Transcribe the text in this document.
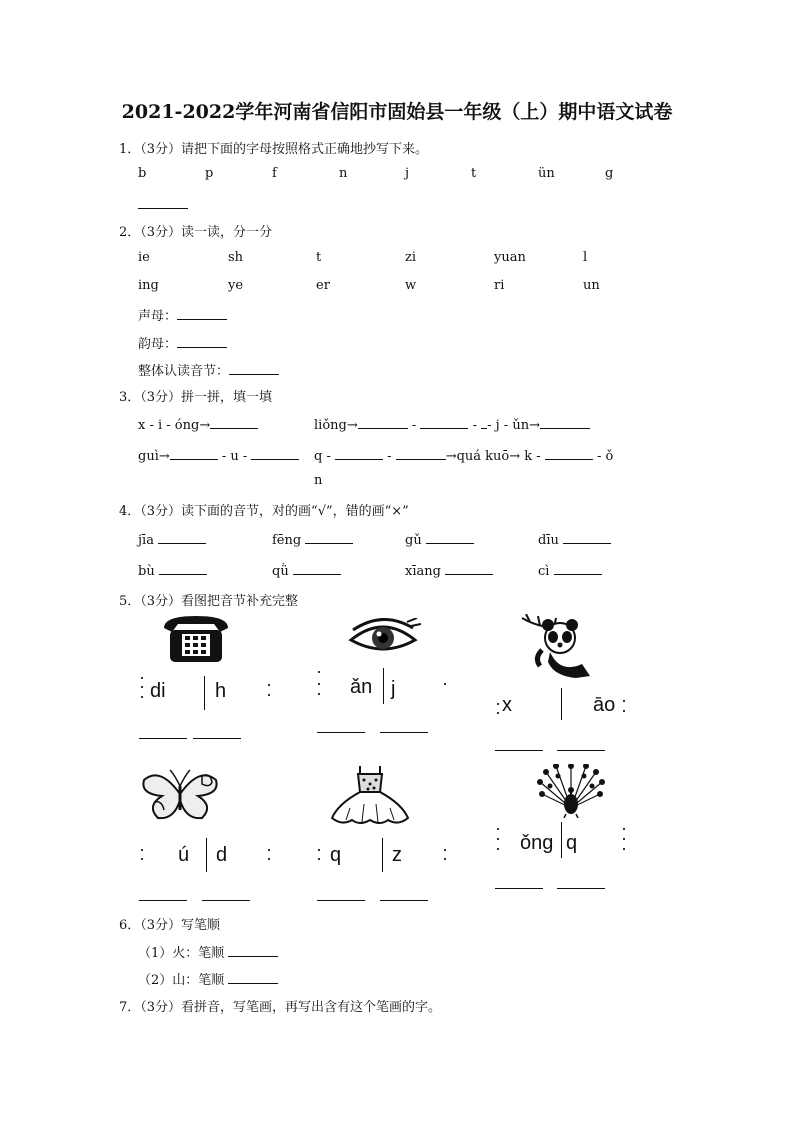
2021-2022学年河南省信阳市固始县一年级（上）期中语文试卷
1．（3分）请把下面的字母按照格式正确地抄写下来。
b	p	f	n	j	t	ün	g
2．（3分）读一读，分一分
ie	sh	t	zi	yuan	l
ing	ye	er	w	ri	un
声母：
韵母：
整体认读音节：
3．（3分）拼一拼，填一填
x - i - óng→	liǒng→	-	- - j - ǔn→
guì→	- u -	q -	-	→quá kuō→ k -	- ǒ
n
4．（3分）读下面的音节，对的画“√”，错的画“×”
jīa	fēng	gǔ	dīu
bù	qǜ	xīang	cì
5．（3分）看图把音节补充完整
di h	ǎn j
x	āo
ú d	q	z
ǒng q
6．（3分）写笔顺
（1）火：笔顺
（2）山：笔顺
7．（3分）看拼音，写笔画，再写出含有这个笔画的字。
